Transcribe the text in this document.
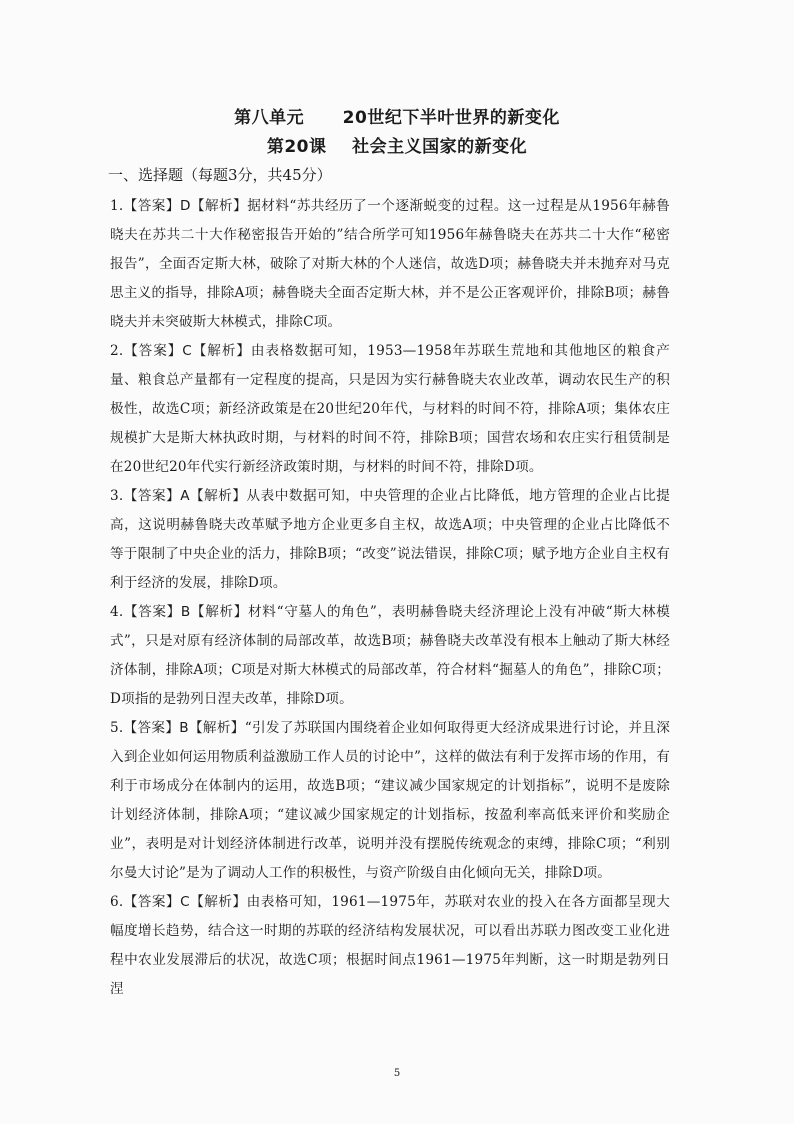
第八单元      20世纪下半叶世界的新变化
第20课    社会主义国家的新变化
一、选择题（每题3分，共45分）

1.【答案】D【解析】据材料“苏共经历了一个逐渐蜕变的过程。这一过程是从1956年赫鲁晓夫在苏共二十大作秘密报告开始的”结合所学可知1956年赫鲁晓夫在苏共二十大作“秘密报告”，全面否定斯大林，破除了对斯大林的个人迷信，故选D项；赫鲁晓夫并未抛弃对马克思主义的指导，排除A项；赫鲁晓夫全面否定斯大林，并不是公正客观评价，排除B项；赫鲁晓夫并未突破斯大林模式，排除C项。

2.【答案】C【解析】由表格数据可知，1953—1958年苏联生荒地和其他地区的粮食产量、粮食总产量都有一定程度的提高，只是因为实行赫鲁晓夫农业改革，调动农民生产的积极性，故选C项；新经济政策是在20世纪20年代，与材料的时间不符，排除A项；集体农庄规模扩大是斯大林执政时期，与材料的时间不符，排除B项；国营农场和农庄实行租赁制是在20世纪20年代实行新经济政策时期，与材料的时间不符，排除D项。

3.【答案】A【解析】从表中数据可知，中央管理的企业占比降低，地方管理的企业占比提高，这说明赫鲁晓夫改革赋予地方企业更多自主权，故选A项；中央管理的企业占比降低不等于限制了中央企业的活力，排除B项；“改变”说法错误，排除C项；赋予地方企业自主权有利于经济的发展，排除D项。

4.【答案】B【解析】材料“守墓人的角色”，表明赫鲁晓夫经济理论上没有冲破“斯大林模式”，只是对原有经济体制的局部改革，故选B项；赫鲁晓夫改革没有根本上触动了斯大林经济体制，排除A项；C项是对斯大林模式的局部改革，符合材料“掘墓人的角色”，排除C项；D项指的是勃列日涅夫改革，排除D项。

5.【答案】B【解析】“引发了苏联国内围绕着企业如何取得更大经济成果进行讨论，并且深入到企业如何运用物质利益激励工作人员的讨论中”，这样的做法有利于发挥市场的作用，有利于市场成分在体制内的运用，故选B项；“建议减少国家规定的计划指标”，说明不是废除计划经济体制，排除A项；“建议减少国家规定的计划指标，按盈利率高低来评价和奖励企业”，表明是对计划经济体制进行改革，说明并没有摆脱传统观念的束缚，排除C项；“利别尔曼大讨论”是为了调动人工作的积极性，与资产阶级自由化倾向无关，排除D项。

6.【答案】C【解析】由表格可知，1961—1975年，苏联对农业的投入在各方面都呈现大幅度增长趋势，结合这一时期的苏联的经济结构发展状况，可以看出苏联力图改变工业化进程中农业发展滞后的状况，故选C项；根据时间点1961—1975年判断，这一时期是勃列日涅

5
